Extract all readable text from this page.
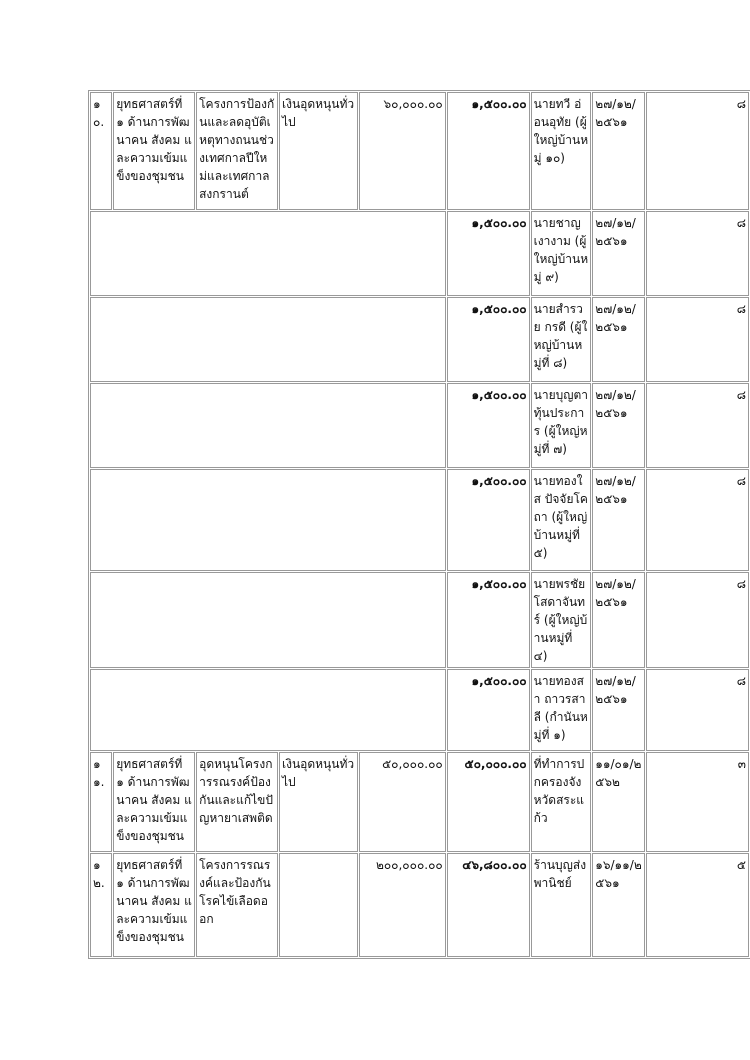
๑๐.	ยุทธศาสตร์ที่ ๑ ด้านการพัฒนาคน สังคม และความเข้มแข็งของชุมชน	โครงการป้องกันและลดอุบัติเหตุทางถนนช่วงเทศกาลปีใหม่และเทศกาลสงกรานต์	เงินอุดหนุนทั่วไป	๖๐,๐๐๐.๐๐	๑,๕๐๐.๐๐	นายทวี อ่อนอุทัย (ผู้ใหญ่บ้านหมู่ ๑๐)	๒๗/๑๒/๒๕๖๑	๘
					๑,๕๐๐.๐๐	นายชาญ เงางาม (ผู้ใหญ่บ้านหมู่ ๙)	๒๗/๑๒/๒๕๖๑	๘
					๑,๕๐๐.๐๐	นายสำรวย กรดี (ผู้ใหญ่บ้านหมู่ที่ ๘)	๒๗/๑๒/๒๕๖๑	๘
					๑,๕๐๐.๐๐	นายบุญตา ทุ้นประการ (ผู้ใหญ่หมู่ที่ ๗)	๒๗/๑๒/๒๕๖๑	๘
					๑,๕๐๐.๐๐	นายทองใส ปัจจัยโคถา (ผู้ใหญ่บ้านหมู่ที่ ๕)	๒๗/๑๒/๒๕๖๑	๘
					๑,๕๐๐.๐๐	นายพรชัย โสดาจันทร์ (ผู้ใหญ่บ้านหมู่ที่ ๔)	๒๗/๑๒/๒๕๖๑	๘
					๑,๕๐๐.๐๐	นายทองสา ถาวรสาลี (กำนันหมู่ที่ ๑)	๒๗/๑๒/๒๕๖๑	๘
๑๑.	ยุทธศาสตร์ที่ ๑ ด้านการพัฒนาคน สังคม และความเข้มแข็งของชุมชน	อุดหนุนโครงการรณรงค์ป้องกันและแก้ไขปัญหายาเสพติด	เงินอุดหนุนทั่วไป	๕๐,๐๐๐.๐๐	๕๐,๐๐๐.๐๐	ที่ทำการปกครองจังหวัดสระแก้ว	๑๑/๐๑/๒๕๖๒	๓
๑๒.	ยุทธศาสตร์ที่ ๑ ด้านการพัฒนาคน สังคม และความเข้มแข็งของชุมชน	โครงการรณรงค์และป้องกันโรคไข้เลือดออก		๒๐๐,๐๐๐.๐๐	๔๖,๘๐๐.๐๐	ร้านบุญส่งพานิชย์	๑๖/๑๑/๒๕๖๑	๕
